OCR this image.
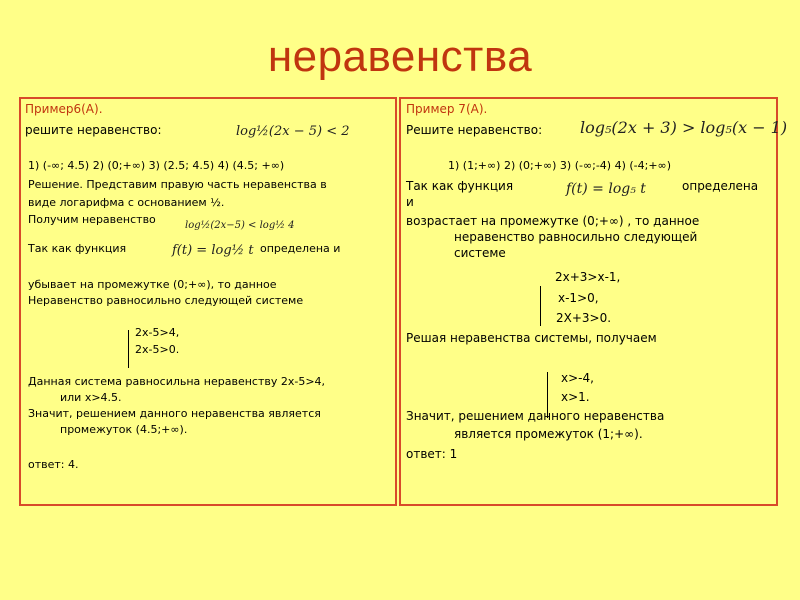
неравенства
Пример6(А).
решите неравенство:	log½(2x − 5) < 2
1) (-∞; 4.5) 2) (0;+∞) 3) (2.5; 4.5) 4) (4.5; +∞)
Решение. Представим правую часть неравенства в
виде логарифма с основанием ½.
Получим неравенство	log½(2x−5) < log½ 4
Так как функция	f(t) = log½ t определена и
убывает на промежутке (0;+∞), то данное
Неравенство равносильно следующей системе
2x-5>4,
2x-5>0.
Данная система равносильна неравенству 2x-5>4,
или x>4.5.
Значит, решением данного неравенства является
промежуток (4.5;+∞).
ответ: 4.
Пример 7(А).
Решите неравенство: log₅(2x + 3) > log₅(x − 1)
1) (1;+∞) 2) (0;+∞) 3) (-∞;-4) 4) (-4;+∞)
Так как функция	f(t) = log₅ t	определена
и
возрастает на промежутке (0;+∞) , то данное
неравенство равносильно следующей
системе
2x+3>x-1,
x-1>0,
2X+3>0.
Решая неравенства системы, получаем
x>-4,
x>1.
Значит, решением данного неравенства
является промежуток (1;+∞).
ответ: 1
